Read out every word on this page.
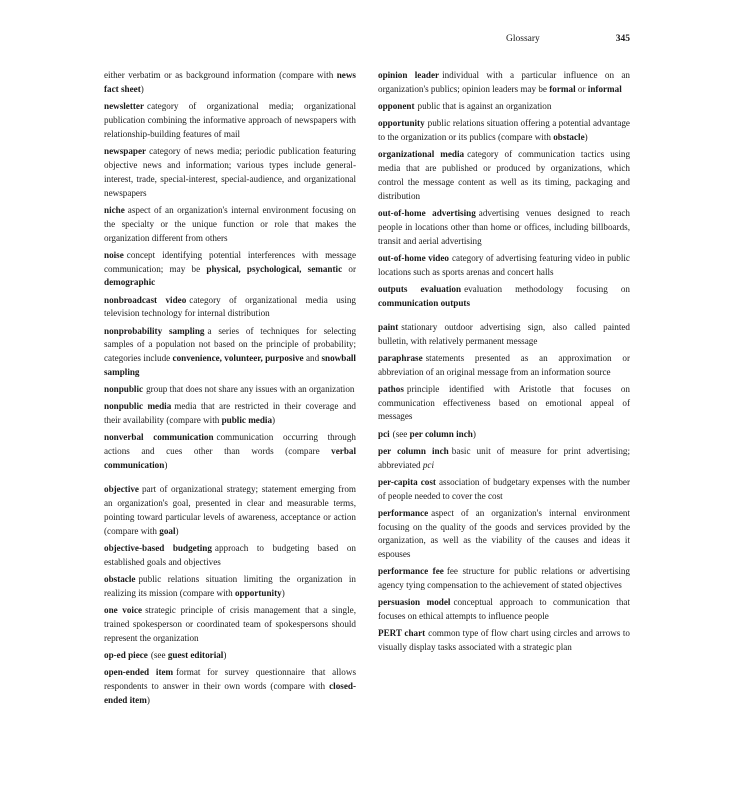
Glossary	345

either verbatim or as background information (compare with news fact sheet)

newsletter category of organizational media; organizational publication combining the informative approach of newspapers with relationship-building features of mail

newspaper category of news media; periodic publication featuring objective news and information; various types include general-interest, trade, special-interest, special-audience, and organizational newspapers

niche aspect of an organization's internal environment focusing on the specialty or the unique function or role that makes the organization different from others

noise concept identifying potential interferences with message communication; may be physical, psychological, semantic or demographic

nonbroadcast video category of organizational media using television technology for internal distribution

nonprobability sampling a series of techniques for selecting samples of a population not based on the principle of probability; categories include convenience, volunteer, purposive and snowball sampling

nonpublic group that does not share any issues with an organization

nonpublic media media that are restricted in their coverage and their availability (compare with public media)

nonverbal communication communication occurring through actions and cues other than words (compare verbal communication)

objective part of organizational strategy; statement emerging from an organization's goal, presented in clear and measurable terms, pointing toward particular levels of awareness, acceptance or action (compare with goal)

objective-based budgeting approach to budgeting based on established goals and objectives

obstacle public relations situation limiting the organization in realizing its mission (compare with opportunity)

one voice strategic principle of crisis management that a single, trained spokesperson or coordinated team of spokespersons should represent the organization

op-ed piece (see guest editorial)

open-ended item format for survey questionnaire that allows respondents to answer in their own words (compare with closed-ended item)

opinion leader individual with a particular influence on an organization's publics; opinion leaders may be formal or informal

opponent public that is against an organization

opportunity public relations situation offering a potential advantage to the organization or its publics (compare with obstacle)

organizational media category of communication tactics using media that are published or produced by organizations, which control the message content as well as its timing, packaging and distribution

out-of-home advertising advertising venues designed to reach people in locations other than home or offices, including billboards, transit and aerial advertising

out-of-home video category of advertising featuring video in public locations such as sports arenas and concert halls

outputs evaluation evaluation methodology focusing on communication outputs

paint stationary outdoor advertising sign, also called painted bulletin, with relatively permanent message

paraphrase statements presented as an approximation or abbreviation of an original message from an information source

pathos principle identified with Aristotle that focuses on communication effectiveness based on emotional appeal of messages

pci (see per column inch)

per column inch basic unit of measure for print advertising; abbreviated pci

per-capita cost association of budgetary expenses with the number of people needed to cover the cost

performance aspect of an organization's internal environment focusing on the quality of the goods and services provided by the organization, as well as the viability of the causes and ideas it espouses

performance fee fee structure for public relations or advertising agency tying compensation to the achievement of stated objectives

persuasion model conceptual approach to communication that focuses on ethical attempts to influence people

PERT chart common type of flow chart using circles and arrows to visually display tasks associated with a strategic plan
